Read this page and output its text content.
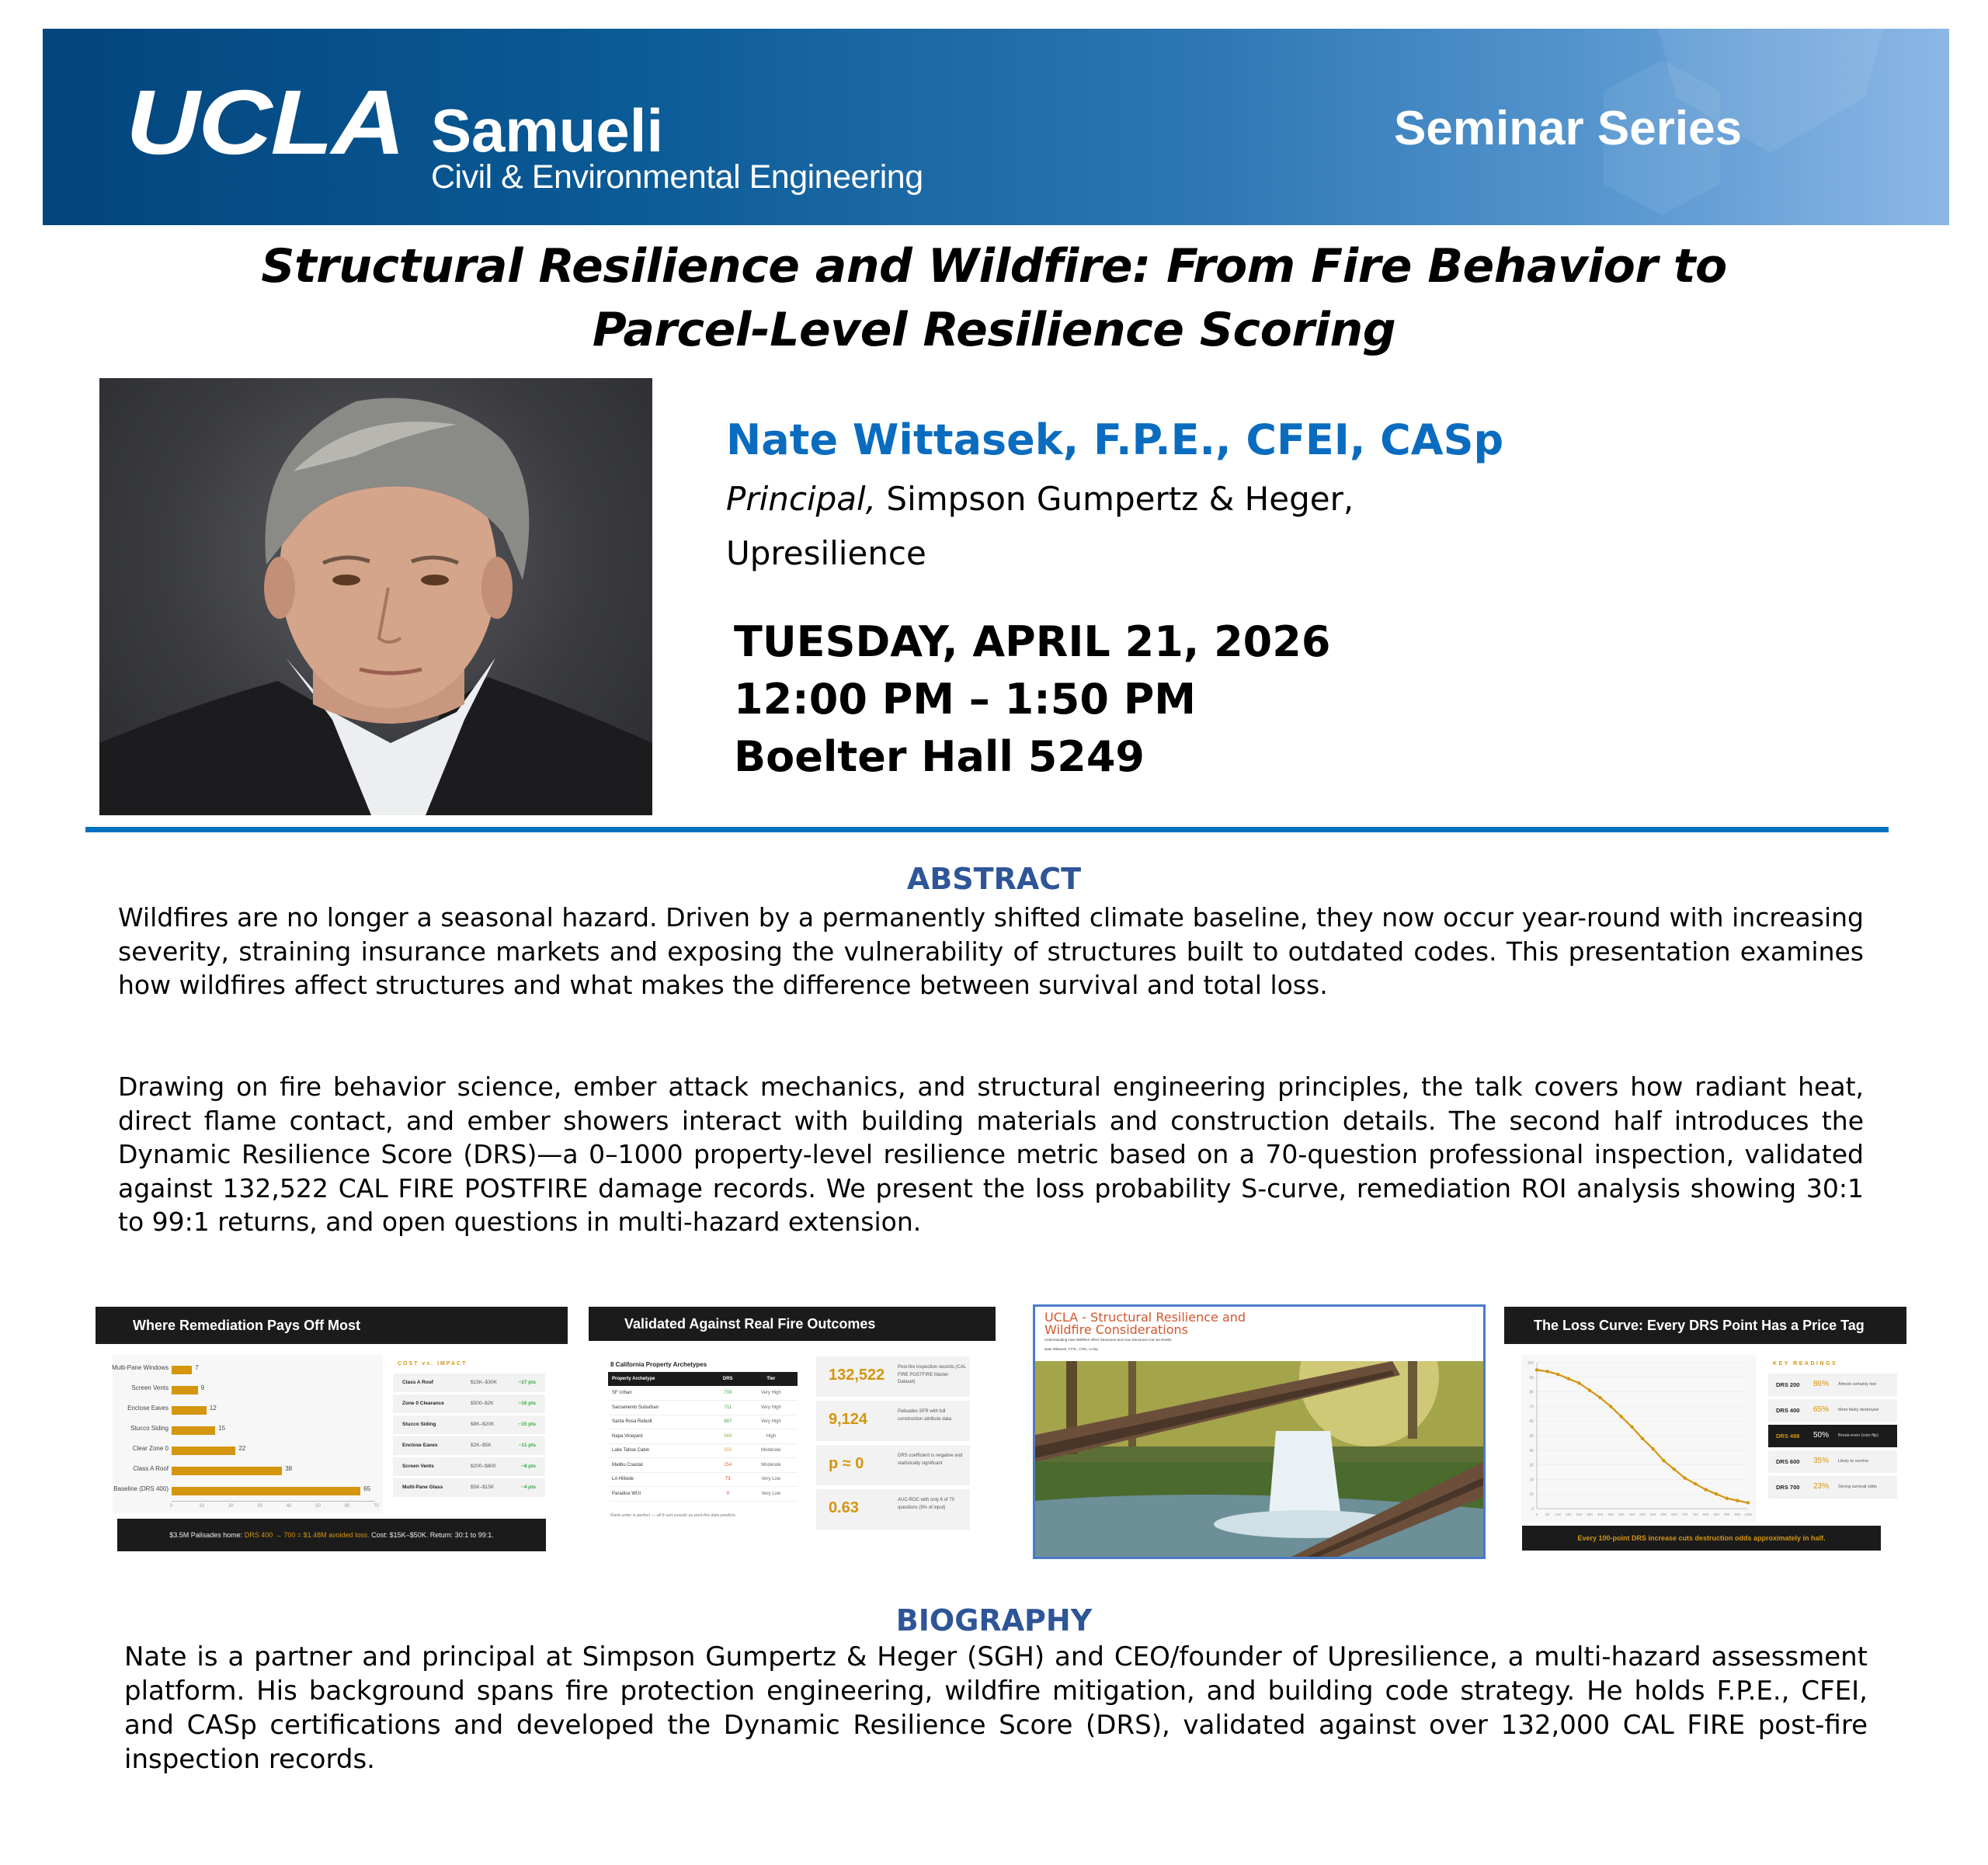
UCLA Samueli
Civil & Environmental Engineering
Seminar Series
Structural Resilience and Wildfire: From Fire Behavior to
Parcel-Level Resilience Scoring
Nate Wittasek, F.P.E., CFEI, CASp
Principal, Simpson Gumpertz & Heger,
Upresilience
TUESDAY, APRIL 21, 2026
12:00 PM – 1:50 PM
Boelter Hall 5249
ABSTRACT
Wildfires are no longer a seasonal hazard. Driven by a permanently shifted climate baseline, they now occur year-round with increasing severity, straining insurance markets and exposing the vulnerability of structures built to outdated codes. This presentation examines how wildfires affect structures and what makes the difference between survival and total loss.
Drawing on fire behavior science, ember attack mechanics, and structural engineering principles, the talk covers how radiant heat, direct flame contact, and ember showers interact with building materials and construction details. The second half introduces the Dynamic Resilience Score (DRS)—a 0–1000 property-level resilience metric based on a 70-question professional inspection, validated against 132,522 CAL FIRE POSTFIRE damage records. We present the loss probability S-curve, remediation ROI analysis showing 30:1 to 99:1 returns, and open questions in multi-hazard extension.
Where Remediation Pays Off Most
Multi-Pane Windows	7
Screen Vents	9
Enclose Eaves	12
Stucco Siding	15
Clear Zone 0	22
Class A Roof	38
Baseline (DRS 400)	65
0	10	20	30	40	50	60	70
COST vs. IMPACT
Class A Roof	$15K–$30K	−27 pts
Zone 0 Clearance	$500–$2K	−16 pts
Stucco Siding	$8K–$20K	−15 pts
Enclose Eaves	$2K–$5K	−11 pts
Screen Vents	$200–$800	−8 pts
Multi-Pane Glass	$5K–$15K	−4 pts
$3.5M Palisades home: DRS 400 → 700 = $1.48M avoided loss. Cost: $15K–$50K. Return: 30:1 to 99:1.
Validated Against Real Fire Outcomes
8 California Property Archetypes
Property Archetype	DRS	Tier
SF Urban	739	Very High
Sacramento Suburban	711	Very High
Santa Rosa Rebuilt	697	Very High
Napa Vineyard	569	High
Lake Tahoe Cabin	350	Moderate
Malibu Coastal	254	Moderate
LA Hillside	73	Very Low
Paradise WUI	0	Very Low
Rank order is perfect — all 8 sort exactly as post-fire data predicts.
132,522	Post-fire inspection records (CAL FIRE POSTFIRE Master Dataset)
9,124	Palisades SFR with full construction attribute data
p ≈ 0	DRS coefficient is negative and statistically significant
0.63	AUC-ROC with only 6 of 70 questions (9% of input)
UCLA - Structural Resilience and Wildfire Considerations
Understanding How Wildfires Affect Structures and How Structures Can be Resilie
Nate Wittasek, F.P.E., CFEI, CASp
The Loss Curve: Every DRS Point Has a Price Tag
0
10
20
30
40
50
60
70
80
90
100
0 50 100 150 200 250 300 350 400 450 500 550 600 650 700 750 800 850 900 950 1000
KEY READINGS
DRS 200 86% Almost certainly lost
DRS 400 65% More likely destroyed
DRS 488 50% Break-even (coin flip)
DRS 600 35% Likely to survive
DRS 700 23% Strong survival odds
Every 100-point DRS increase cuts destruction odds approximately in half.
BIOGRAPHY
Nate is a partner and principal at Simpson Gumpertz & Heger (SGH) and CEO/founder of Upresilience, a multi-hazard assessment platform. His background spans fire protection engineering, wildfire mitigation, and building code strategy. He holds F.P.E., CFEI, and CASp certifications and developed the Dynamic Resilience Score (DRS), validated against over 132,000 CAL FIRE post-fire inspection records.
